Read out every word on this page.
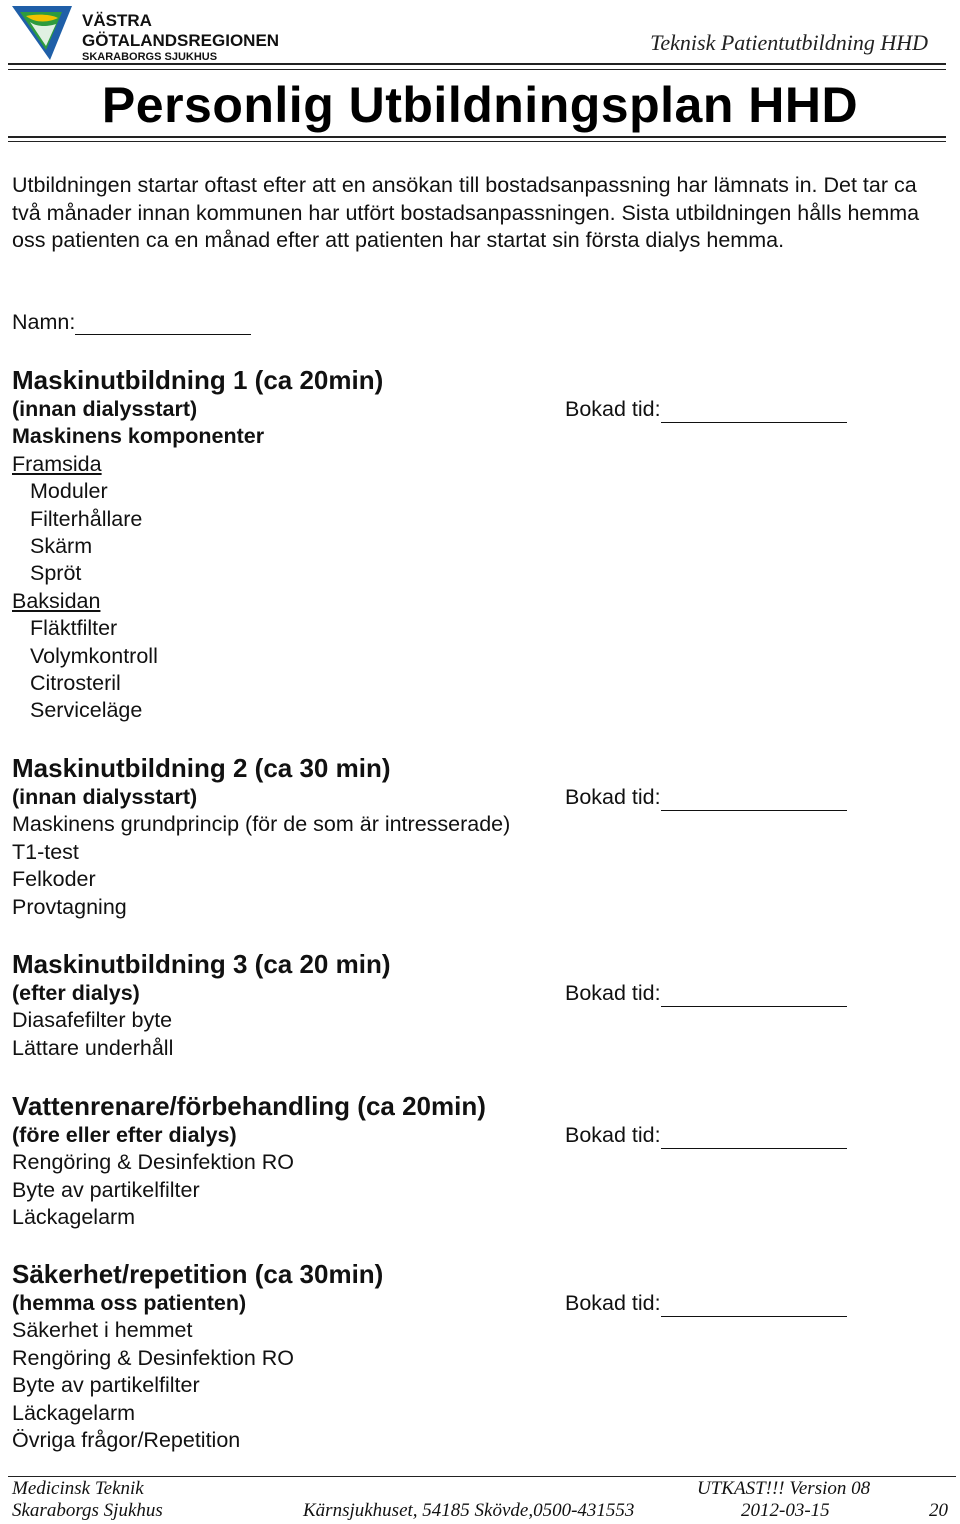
VÄSTRA
GÖTALANDSREGIONEN
SKARABORGS SJUKHUS
Teknisk Patientutbildning HHD
Personlig Utbildningsplan HHD

Utbildningen startar oftast efter att en ansökan till bostadsanpassning har lämnats in. Det tar ca två månader innan kommunen har utfört bostadsanpassningen. Sista utbildningen hålls hemma oss patienten ca en månad efter att patienten har startat sin första dialys hemma.

Namn:
Maskinutbildning 1 (ca 20min)
(innan dialysstart)
Maskinens komponenter
Framsida
Moduler
Filterhållare
Skärm
Spröt
Baksidan
Fläktfilter
Volymkontroll
Citrosteril
Serviceläge
Bokad tid:
Maskinutbildning 2 (ca 30 min)
(innan dialysstart)
Maskinens grundprincip (för de som är intresserade)
T1-test
Felkoder
Provtagning
Bokad tid:
Maskinutbildning 3 (ca 20 min)
(efter dialys)
Diasafefilter byte
Lättare underhåll
Bokad tid:
Vattenrenare/förbehandling (ca 20min)
(före eller efter dialys)
Rengöring & Desinfektion RO
Byte av partikelfilter
Läckagelarm
Bokad tid:
Säkerhet/repetition (ca 30min)
(hemma oss patienten)
Säkerhet i hemmet
Rengöring & Desinfektion RO
Byte av partikelfilter
Läckagelarm
Övriga frågor/Repetition
Bokad tid:
Medicinsk Teknik
Skaraborgs Sjukhus	Kärnsjukhuset, 54185 Skövde,0500-431553
UTKAST!!! Version 08
2012-03-15	20
